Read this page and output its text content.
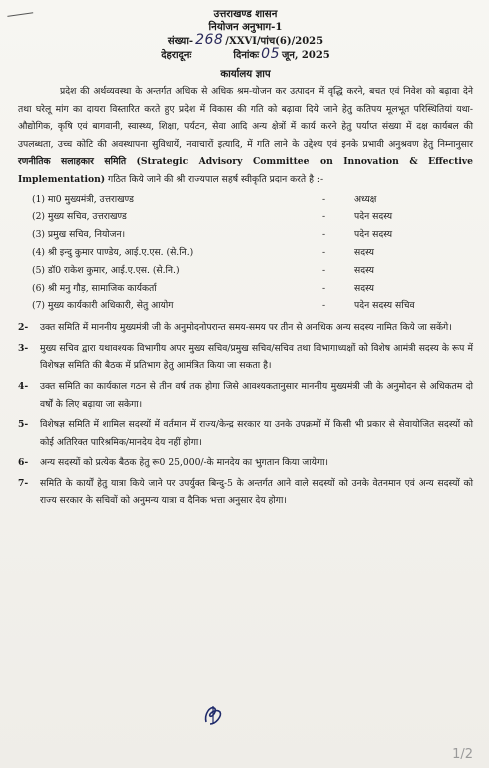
उत्तराखण्ड शासन
नियोजन अनुभाग-1
संख्या- 268 /XXVI/पांच(6)/2025
देहरादूनः	दिनांकः 05 जून, 2025
कार्यालय ज्ञाप

प्रदेश की अर्थव्यवस्था के अन्तर्गत अधिक से अधिक श्रम-योजन कर उत्पादन में वृद्धि करने, बचत एवं निवेश को बढ़ावा देने तथा घरेलू मांग का दायरा विस्तारित करते हुए प्रदेश में विकास की गति को बढ़ावा दिये जाने हेतु कतिपय मूलभूत परिस्थितियां यथा-औद्योगिक, कृषि एवं बागवानी, स्वास्थ्य, शिक्षा, पर्यटन, सेवा आदि अन्य क्षेत्रों में कार्य करने हेतु पर्याप्त संख्या में दक्ष कार्यबल की उपलब्धता, उच्च कोटि की अवस्थापना सुविधायें, नवाचारों इत्यादि, में गति लाने के उद्देश्य एवं इनके प्रभावी अनुश्रवण हेतु निम्नानुसार रणनीतिक सलाहकार समिति (Strategic Advisory Committee on Innovation & Effective Implementation) गठित किये जाने की श्री राज्यपाल सहर्ष स्वीकृति प्रदान करते है :-

(1) मा0 मुख्यमंत्री, उत्तराखण्ड	-	अध्यक्ष
(2) मुख्य सचिव, उत्तराखण्ड	-	पदेन सदस्य
(3) प्रमुख सचिव, नियोजन।	-	पदेन सदस्य
(4) श्री इन्दु कुमार पाण्डेय, आई.ए.एस. (से.नि.)	-	सदस्य
(5) डॉ0 राकेश कुमार, आई.ए.एस. (से.नि.)	-	सदस्य
(6) श्री मनु गौड़, सामाजिक कार्यकर्ता	-	सदस्य
(7) मुख्य कार्यकारी अधिकारी, सेतु आयोग	-	पदेन सदस्य सचिव
2-	उक्त समिति में माननीय मुख्यमंत्री जी के अनुमोदनोपरान्त समय-समय पर तीन से अनधिक अन्य सदस्य नामित किये जा सकेंगे।

3-	मुख्य सचिव द्वारा यथावश्यक विभागीय अपर मुख्य सचिव/प्रमुख सचिव/सचिव तथा विभागाध्यक्षों को विशेष आमंत्री सदस्य के रूप में विशेषज्ञ समिति की बैठक में प्रतिभाग हेतु आमंत्रित किया जा सकता है।

4-	उक्त समिति का कार्यकाल गठन से तीन वर्ष तक होगा जिसे आवश्यकतानुसार माननीय मुख्यमंत्री जी के अनुमोदन से अधिकतम दो वर्षों के लिए बढ़ाया जा सकेगा।

5-	विशेषज्ञ समिति में शामिल सदस्यों में वर्तमान में राज्य/केन्द्र सरकार या उनके उपक्रमों में किसी भी प्रकार से सेवायोजित सदस्यों को कोई अतिरिक्त पारिश्रमिक/मानदेय देय नहीं होगा।

6-	अन्य सदस्यों को प्रत्येक बैठक हेतु रू0 25,000/-के मानदेय का भुगतान किया जायेगा।

7-	समिति के कार्यों हेतु यात्रा किये जाने पर उपर्युक्त बिन्दु-5 के अन्तर्गत आने वाले सदस्यों को उनके वेतनमान एवं अन्य सदस्यों को राज्य सरकार के सचिवों को अनुमन्य यात्रा व दैनिक भत्ता अनुसार देय होगा।

1/2
